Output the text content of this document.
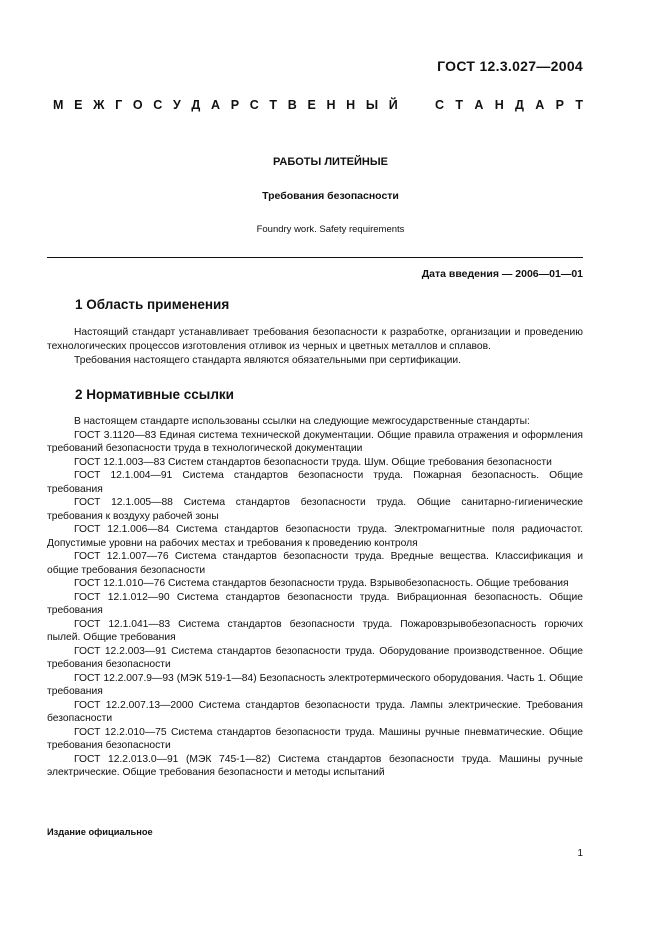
ГОСТ 12.3.027—2004
М Е Ж Г О С У Д А Р С Т В Е Н Н Ы Й	С Т А Н Д А Р Т
РАБОТЫ ЛИТЕЙНЫЕ
Требования безопасности
Foundry work. Safety requirements
Дата введения — 2006—01—01
1 Область применения

Настоящий стандарт устанавливает требования безопасности к разработке, организации и проведению технологических процессов изготовления отливок из черных и цветных металлов и сплавов.

Требования настоящего стандарта являются обязательными при сертификации.

2 Нормативные ссылки

В настоящем стандарте использованы ссылки на следующие межгосударственные стандарты:

ГОСТ 3.1120—83 Единая система технической документации. Общие правила отражения и оформления требований безопасности труда в технологической документации

ГОСТ 12.1.003—83 Систем стандартов безопасности труда. Шум. Общие требования безопасности

ГОСТ 12.1.004—91 Система стандартов безопасности труда. Пожарная безопасность. Общие требования

ГОСТ 12.1.005—88 Система стандартов безопасности труда. Общие санитарно-гигиенические требования к воздуху рабочей зоны

ГОСТ 12.1.006—84 Система стандартов безопасности труда. Электромагнитные поля радиочастот. Допустимые уровни на рабочих местах и требования к проведению контроля

ГОСТ 12.1.007—76 Система стандартов безопасности труда. Вредные вещества. Классификация и общие требования безопасности

ГОСТ 12.1.010—76 Система стандартов безопасности труда. Взрывобезопасность. Общие требования

ГОСТ 12.1.012—90 Система стандартов безопасности труда. Вибрационная безопасность. Общие требования

ГОСТ 12.1.041—83 Система стандартов безопасности труда. Пожаровзрывобезопасность горючих пылей. Общие требования

ГОСТ 12.2.003—91 Система стандартов безопасности труда. Оборудование производственное. Общие требования безопасности

ГОСТ 12.2.007.9—93 (МЭК 519-1—84) Безопасность электротермического оборудования. Часть 1. Общие требования

ГОСТ 12.2.007.13—2000 Система стандартов безопасности труда. Лампы электрические. Требования безопасности

ГОСТ 12.2.010—75 Система стандартов безопасности труда. Машины ручные пневматические. Общие требования безопасности

ГОСТ 12.2.013.0—91 (МЭК 745-1—82) Система стандартов безопасности труда. Машины ручные электрические. Общие требования безопасности и методы испытаний

Издание официальное
1
